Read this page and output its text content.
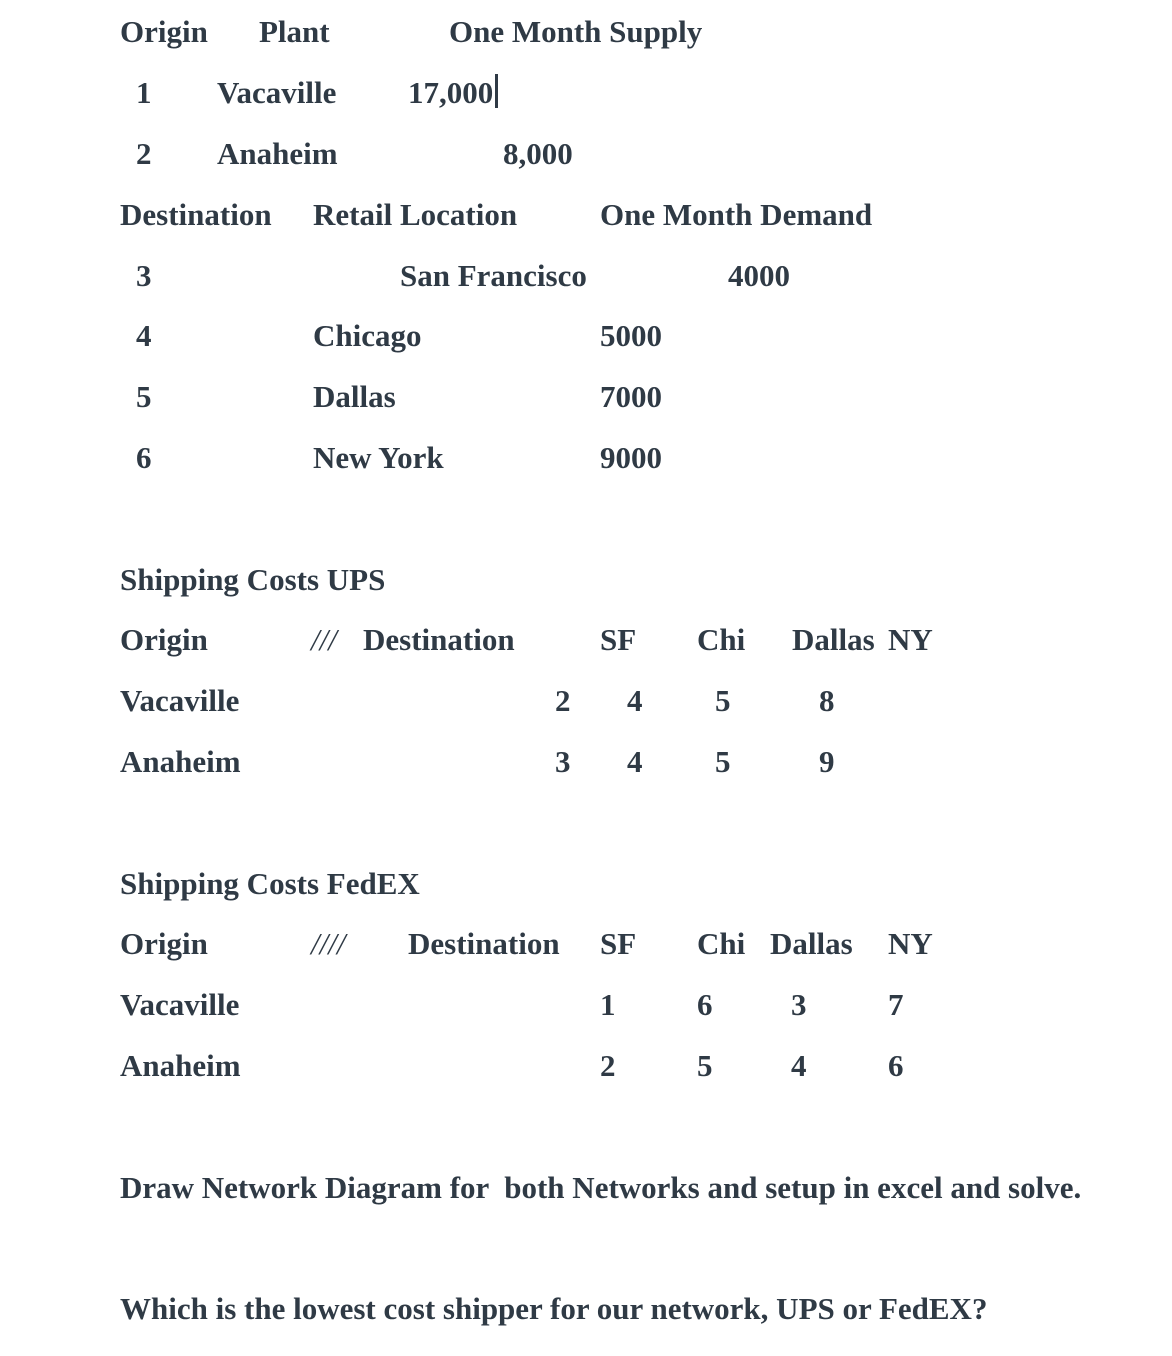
Origin Plant	One Month Supply
1 Vacaville 17,000
2 Anaheim	8,000
Destination Retail Location	One Month Demand
3	San Francisco	4000
4	Chicago	5000
5	Dallas	7000
6	New York	9000
Shipping Costs UPS
Origin	/// Destination	SF Chi Dallas NY
Vacaville	2 4 5	8
Anaheim	3 4 5	9
Shipping Costs FedEX
Origin	//// Destination SF Chi Dallas NY
Vacaville	1	6	3	7
Anaheim	2	5	4	6
Draw Network Diagram for  both Networks and setup in excel and solve.
Which is the lowest cost shipper for our network, UPS or FedEX?
